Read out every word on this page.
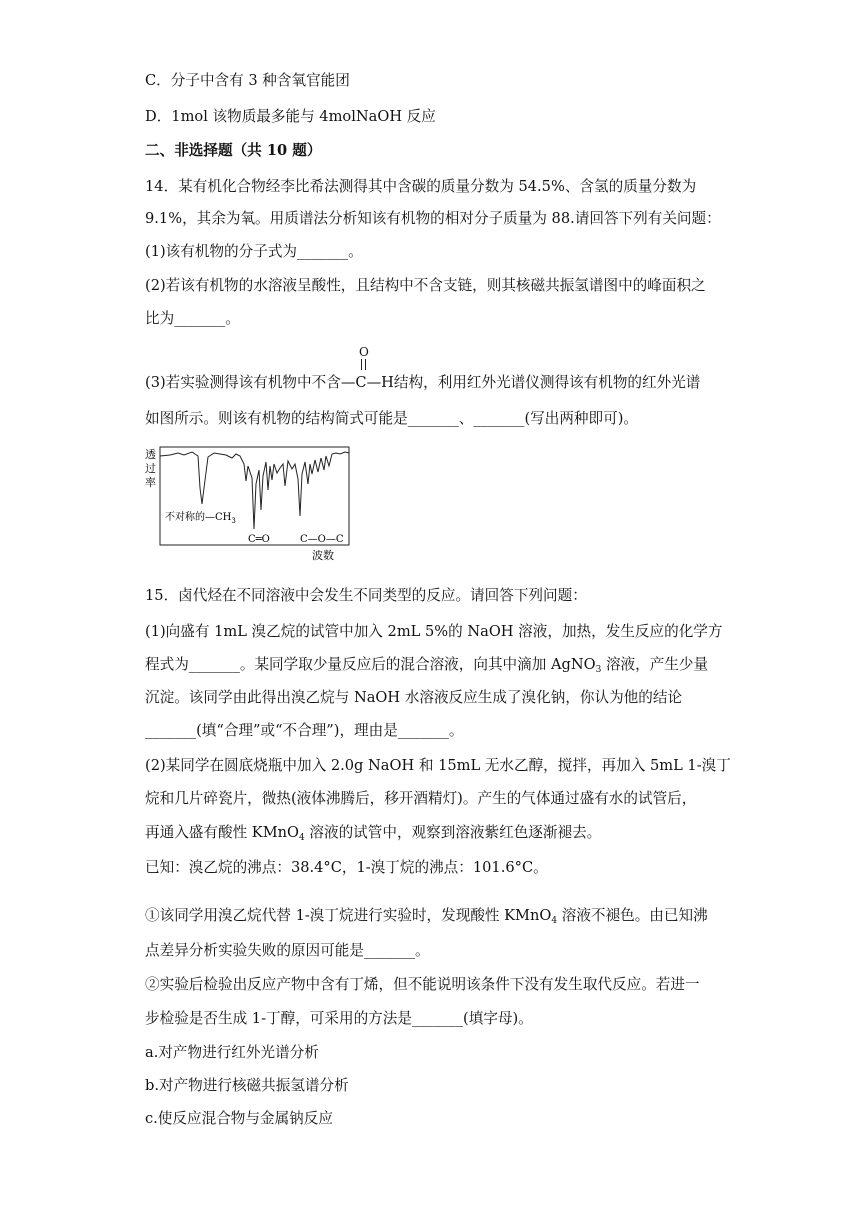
C．分子中含有 3 种含氧官能团
D．1mol 该物质最多能与 4molNaOH 反应
二、非选择题（共 10 题）
14．某有机化合物经李比希法测得其中含碳的质量分数为 54.5%、含氢的质量分数为
9.1%，其余为氧。用质谱法分析知该有机物的相对分子质量为 88.请回答下列有关问题：
(1)该有机物的分子式为_______。
(2)若该有机物的水溶液呈酸性，且结构中不含支链，则其核磁共振氢谱图中的峰面积之
比为_______。
O
(3)若实验测得该有机物中不含—C—H结构，利用红外光谱仪测得该有机物的红外光谱
如图所示。则该有机物的结构简式可能是_______、_______(写出两种即可)。
透
过
率
不对称的$—CH_3$
C═O	C—O—C
波数
15．卤代烃在不同溶液中会发生不同类型的反应。请回答下列问题：
(1)向盛有 1mL 溴乙烷的试管中加入 2mL 5%的 NaOH 溶液，加热，发生反应的化学方
程式为_______。某同学取少量反应后的混合溶液，向其中滴加 AgNO$_3$ 溶液，产生少量
沉淀。该同学由此得出溴乙烷与 NaOH 水溶液反应生成了溴化钠，你认为他的结论
_______(填“合理”或“不合理”)，理由是_______。
(2)某同学在圆底烧瓶中加入 2.0g NaOH 和 15mL 无水乙醇，搅拌，再加入 5mL 1-溴丁
烷和几片碎瓷片，微热(液体沸腾后，移开酒精灯)。产生的气体通过盛有水的试管后，
再通入盛有酸性 KMnO$_4$ 溶液的试管中，观察到溶液紫红色逐渐褪去。
已知：溴乙烷的沸点：38.4°C，1-溴丁烷的沸点：101.6°C。
①该同学用溴乙烷代替 1-溴丁烷进行实验时，发现酸性 KMnO$_4$ 溶液不褪色。由已知沸
点差异分析实验失败的原因可能是_______。
②实验后检验出反应产物中含有丁烯，但不能说明该条件下没有发生取代反应。若进一
步检验是否生成 1-丁醇，可采用的方法是_______(填字母)。
a.对产物进行红外光谱分析
b.对产物进行核磁共振氢谱分析
c.使反应混合物与金属钠反应
